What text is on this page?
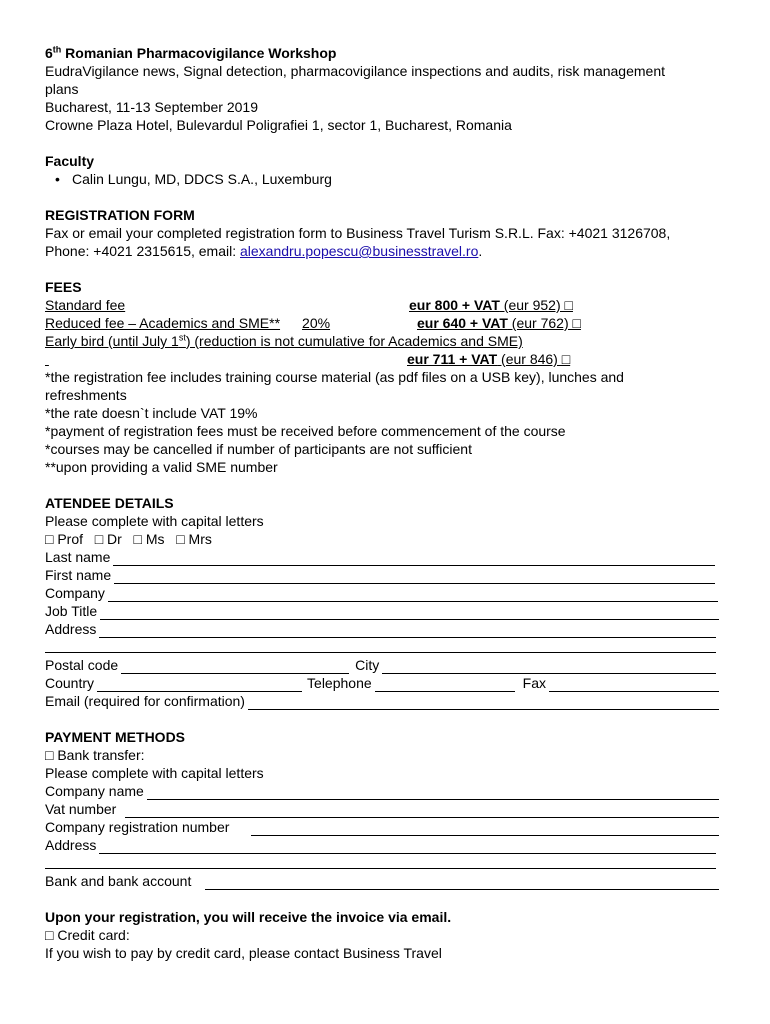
6th Romanian Pharmacovigilance Workshop
EudraVigilance news, Signal detection, pharmacovigilance inspections and audits, risk management
plans
Bucharest, 11-13 September 2019
Crowne Plaza Hotel, Bulevardul Poligrafiei 1, sector 1, Bucharest, Romania
Faculty
• Calin Lungu, MD, DDCS S.A., Luxemburg
REGISTRATION FORM
Fax or email your completed registration form to Business Travel Turism S.R.L. Fax: +4021 3126708,
Phone: +4021 2315615, email: alexandru.popescu@businesstravel.ro.
FEES
Standard fee	eur 800 + VAT (eur 952) □
Reduced fee – Academics and SME** 20%	eur 640 + VAT (eur 762) □
Early bird (until July 1st) (reduction is not cumulative for Academics and SME)
eur 711 + VAT (eur 846) □
*the registration fee includes training course material (as pdf files on a USB key), lunches and
refreshments
*the rate doesn`t include VAT 19%
*payment of registration fees must be received before commencement of the course
*courses may be cancelled if number of participants are not sufficient
**upon providing a valid SME number
ATENDEE DETAILS
Please complete with capital letters
□ Prof □ Dr □ Ms □ Mrs
Last name
First name
Company
Job Title
Address
Postal code	City
Country	Telephone	Fax
Email (required for confirmation)
PAYMENT METHODS
□ Bank transfer:
Please complete with capital letters
Company name
Vat number
Company registration number
Address
Bank and bank account
Upon your registration, you will receive the invoice via email.
□ Credit card:
If you wish to pay by credit card, please contact Business Travel
